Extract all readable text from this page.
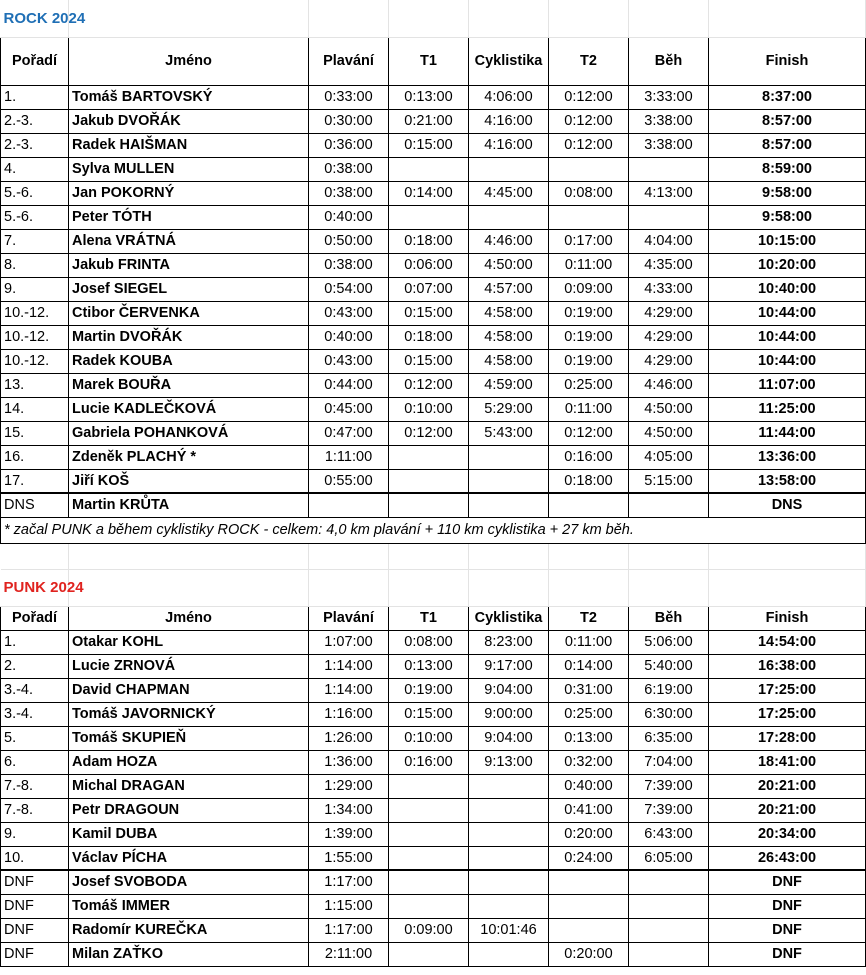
ROCK 2024							
Pořadí	Jméno	Plavání	T1	Cyklistika	T2	Běh	Finish
1.	Tomáš BARTOVSKÝ	0:33:00	0:13:00	4:06:00	0:12:00	3:33:00	8:37:00
2.-3.	Jakub DVOŘÁK	0:30:00	0:21:00	4:16:00	0:12:00	3:38:00	8:57:00
2.-3.	Radek HAIŠMAN	0:36:00	0:15:00	4:16:00	0:12:00	3:38:00	8:57:00
4.	Sylva MULLEN	0:38:00					8:59:00
5.-6.	Jan POKORNÝ	0:38:00	0:14:00	4:45:00	0:08:00	4:13:00	9:58:00
5.-6.	Peter TÓTH	0:40:00					9:58:00
7.	Alena VRÁTNÁ	0:50:00	0:18:00	4:46:00	0:17:00	4:04:00	10:15:00
8.	Jakub FRINTA	0:38:00	0:06:00	4:50:00	0:11:00	4:35:00	10:20:00
9.	Josef SIEGEL	0:54:00	0:07:00	4:57:00	0:09:00	4:33:00	10:40:00
10.-12.	Ctibor ČERVENKA	0:43:00	0:15:00	4:58:00	0:19:00	4:29:00	10:44:00
10.-12.	Martin DVOŘÁK	0:40:00	0:18:00	4:58:00	0:19:00	4:29:00	10:44:00
10.-12.	Radek KOUBA	0:43:00	0:15:00	4:58:00	0:19:00	4:29:00	10:44:00
13.	Marek BOUŘA	0:44:00	0:12:00	4:59:00	0:25:00	4:46:00	11:07:00
14.	Lucie KADLEČKOVÁ	0:45:00	0:10:00	5:29:00	0:11:00	4:50:00	11:25:00
15.	Gabriela POHANKOVÁ	0:47:00	0:12:00	5:43:00	0:12:00	4:50:00	11:44:00
16.	Zdeněk PLACHÝ *	1:11:00			0:16:00	4:05:00	13:36:00
17.	Jiří KOŠ	0:55:00			0:18:00	5:15:00	13:58:00
DNS	Martin KRŮTA						DNS
* začal PUNK a během cyklistiky ROCK - celkem: 4,0 km plavání + 110 km cyklistika + 27 km běh.							

PUNK 2024							
Pořadí	Jméno	Plavání	T1	Cyklistika	T2	Běh	Finish
1.	Otakar KOHL	1:07:00	0:08:00	8:23:00	0:11:00	5:06:00	14:54:00
2.	Lucie ZRNOVÁ	1:14:00	0:13:00	9:17:00	0:14:00	5:40:00	16:38:00
3.-4.	David CHAPMAN	1:14:00	0:19:00	9:04:00	0:31:00	6:19:00	17:25:00
3.-4.	Tomáš JAVORNICKÝ	1:16:00	0:15:00	9:00:00	0:25:00	6:30:00	17:25:00
5.	Tomáš SKUPIEŇ	1:26:00	0:10:00	9:04:00	0:13:00	6:35:00	17:28:00
6.	Adam HOZA	1:36:00	0:16:00	9:13:00	0:32:00	7:04:00	18:41:00
7.-8.	Michal DRAGAN	1:29:00			0:40:00	7:39:00	20:21:00
7.-8.	Petr DRAGOUN	1:34:00			0:41:00	7:39:00	20:21:00
9.	Kamil DUBA	1:39:00			0:20:00	6:43:00	20:34:00
10.	Václav PÍCHA	1:55:00			0:24:00	6:05:00	26:43:00
DNF	Josef SVOBODA	1:17:00					DNF
DNF	Tomáš IMMER	1:15:00					DNF
DNF	Radomír KUREČKA	1:17:00	0:09:00	10:01:46			DNF
DNF	Milan ZAŤKO	2:11:00			0:20:00		DNF
